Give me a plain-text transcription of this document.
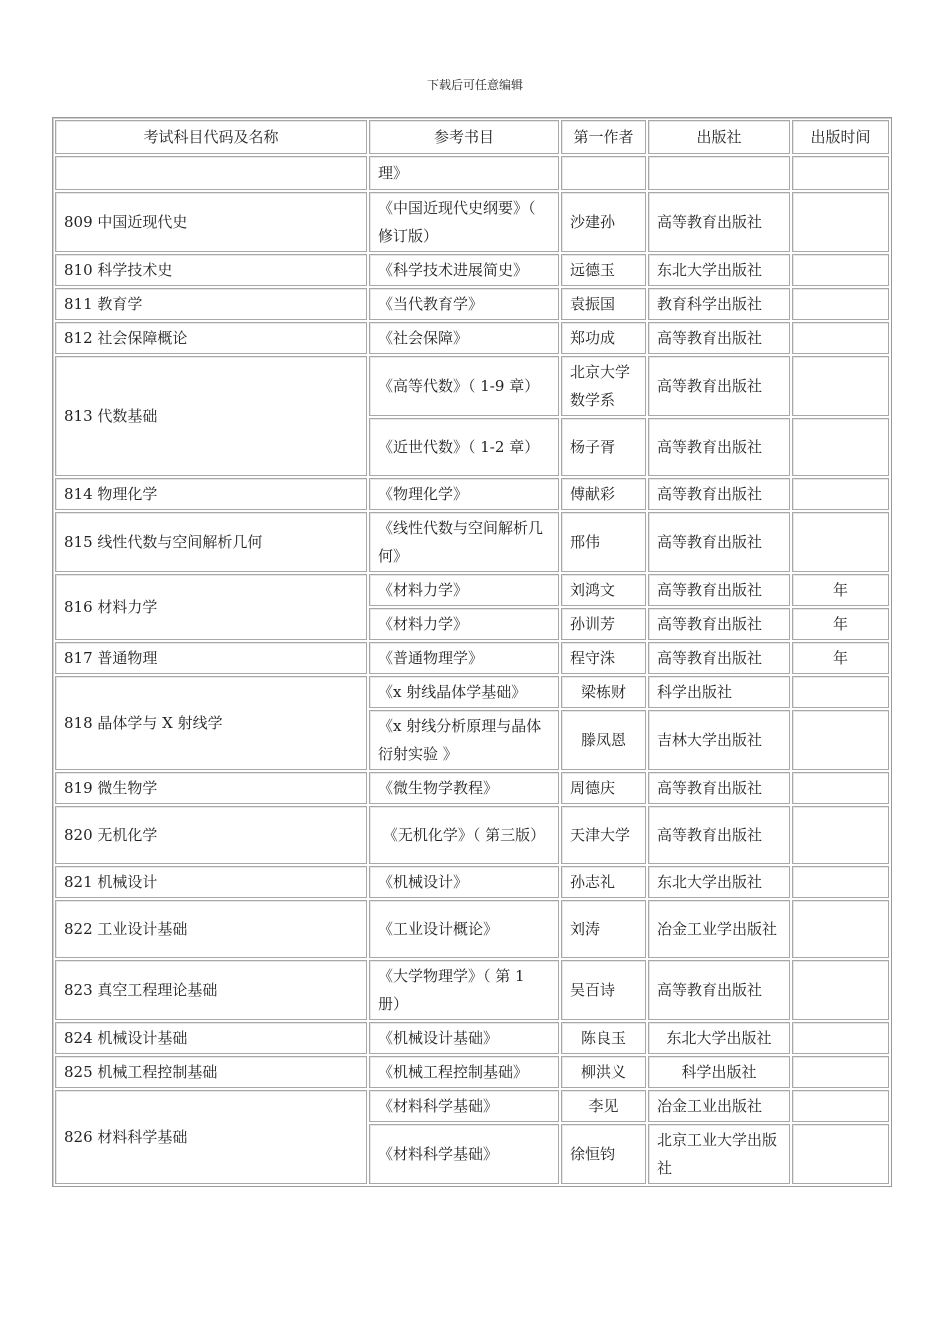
下载后可任意编辑
考试科目代码及名称	参考书目	第一作者	出版社	出版时间
	理》			
809 中国近现代史	《中国近现代史纲要》（　修订版）	沙建孙	高等教育出版社	
810 科学技术史	《科学技术进展简史》	远德玉	东北大学出版社	
811 教育学	《当代教育学》	袁振国	教育科学出版社	
812 社会保障概论	《社会保障》	郑功成	高等教育出版社	
813 代数基础	《高等代数》（ 1-9 章）	北京大学数学系	高等教育出版社	
	《近世代数》（ 1-2 章）	杨子胥	高等教育出版社	
814 物理化学	《物理化学》	傅献彩	高等教育出版社	
815 线性代数与空间解析几何	《线性代数与空间解析几何》	邢伟	高等教育出版社	
816 材料力学	《材料力学》	刘鸿文	高等教育出版社	年
	《材料力学》	孙训芳	高等教育出版社	年
817 普通物理	《普通物理学》	程守洙	高等教育出版社	年
818 晶体学与 X 射线学	《x 射线晶体学基础》	梁栋财	科学出版社	
	《x 射线分析原理与晶体衍射实验 》	滕凤恩	吉林大学出版社	
819 微生物学	《微生物学教程》	周德庆	高等教育出版社	
820 无机化学	《无机化学》（ 第三版）	天津大学	高等教育出版社	
821 机械设计	《机械设计》	孙志礼	东北大学出版社	
822 工业设计基础	《工业设计概论》	刘涛	冶金工业学出版社	
823 真空工程理论基础	《大学物理学》（ 第 1 册）	吴百诗	高等教育出版社	
824 机械设计基础	《机械设计基础》	陈良玉	东北大学出版社	
825 机械工程控制基础	《机械工程控制基础》	柳洪义	科学出版社	
826 材料科学基础	《材料科学基础》	李见	冶金工业出版社	
	《材料科学基础》	徐恒钧	北京工业大学出版社	
